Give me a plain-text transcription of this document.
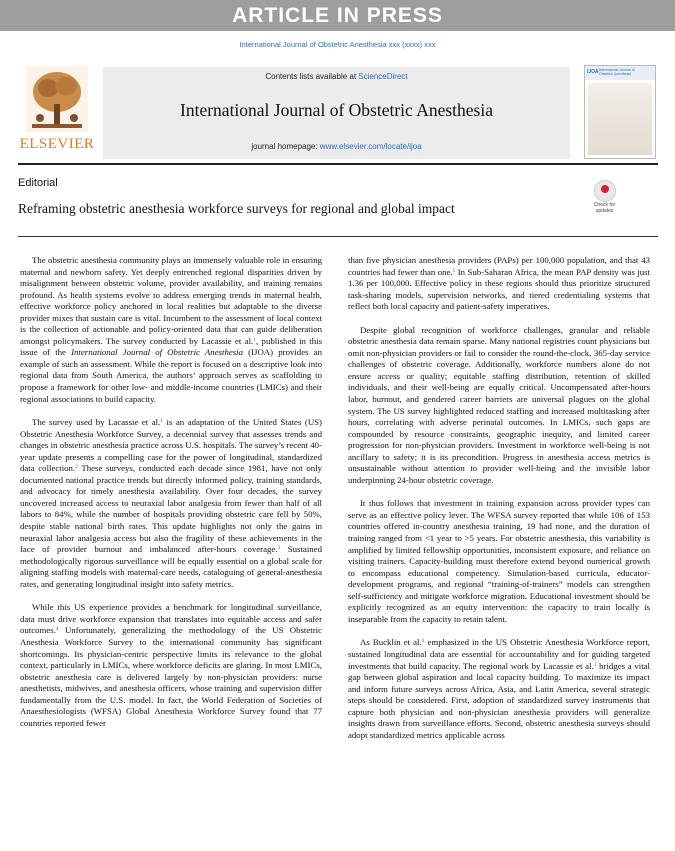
ARTICLE IN PRESS
International Journal of Obstetric Anesthesia xxx (xxxx) xxx
ELSEVIER
Contents lists available at ScienceDirect
International Journal of Obstetric Anesthesia
journal homepage: www.elsevier.com/locate/ijoa
IJOA International Journal of Obstetric Anesthesia
Editorial
Reframing obstetric anesthesia workforce surveys for regional and global impact	Check for updates

The obstetric anesthesia community plays an immensely valuable role in ensuring maternal and newborn safety. Yet deeply entrenched regional disparities driven by misalignment between obstetric volume, provider availability, and training remains profound. As health systems evolve to address emerging trends in maternal health, effective workforce policy anchored in local realities but adaptable to the diverse provider mixes that sustain care is vital. Incumbent to the assessment of local context is the collection of actionable and policy-oriented data that can guide deliberation amongst policymakers. The survey conducted by Lacassie et al.$^1$, published in this issue of the International Journal of Obstetric Anesthesia (IJOA) provides an example of such an assessment. While the report is focused on a descriptive look into regional data from South America, the authors’ approach serves as scaffolding to propose a framework for other low- and middle-income countries (LMICs) and their regional associations to build capacity.

The survey used by Lacassie et al.$^1$ is an adaptation of the United States (US) Obstetric Anesthesia Workforce Survey, a decennial survey that assesses trends and changes in obstetric anesthesia practice across U.S. hospitals. The survey’s recent 40-year update presents a compelling case for the power of longitudinal, standardized data collection.$^2$ These surveys, conducted each decade since 1981, have not only documented national practice trends but directly informed policy, training standards, and advocacy for timely anesthesia availability. Over four decades, the survey uncovered increased access to neuraxial labor analgesia from fewer than half of all labors to 84%, while the number of hospitals providing obstetric care fell by 50%, despite stable national birth rates. This update highlights not only the gains in neuraxial labor analgesia access but also the fragility of these achievements in the face of provider burnout and imbalanced after-hours coverage.$^3$ Sustained methodologically rigorous surveillance will be equally essential on a global scale for aligning staffing models with maternal-care needs, cataloguing of general-anesthesia rates, and generating longitudinal insight into safety metrics.

While this US experience provides a benchmark for longitudinal surveillance, data must drive workforce expansion that translates into equitable access and safer outcomes.$^4$ Unfortunately, generalizing the methodology of the US Obstetric Anesthesia Workforce Survey to the international community has significant shortcomings. Its physician-centric perspective limits its relevance to the global context, particularly in LMICs, where workforce deficits are glaring. In most LMICs, obstetric anesthesia care is delivered largely by non-physician providers: nurse anesthetists, midwives, and anesthesia officers, whose training and supervision differ fundamentally from the U.S. model. In fact, the World Federation of Societies of Anaesthesiologists (WFSA) Global Anesthesia Workforce Survey found that 77 countries reported fewer

than five physician anesthesia providers (PAPs) per 100,000 population, and that 43 countries had fewer than one.$^5$ In Sub-Saharan Africa, the mean PAP density was just 1.36 per 100,000. Effective policy in these regions should thus prioritize structured task-sharing models, supervision networks, and tiered credentialing systems that reflect both local capacity and patient-safety imperatives.

Despite global recognition of workforce challenges, granular and reliable obstetric anesthesia data remain sparse. Many national registries count physicians but omit non-physician providers or fail to consider the round-the-clock, 365-day service challenges of obstetric coverage. Additionally, workforce numbers alone do not ensure access or quality; equitable staffing distribution, retention of skilled individuals, and their well-being are equally critical. Uncompensated after-hours labor, burnout, and gendered career barriers are universal plagues on the global system. The US survey highlighted reduced staffing and increased multitasking after hours, correlating with adverse perinatal outcomes. In LMICs, such gaps are compounded by resource constraints, geographic inequity, and limited career progression for non-physician providers. Investment in workforce well-being is not ancillary to safety; it is its precondition. Progress in anesthesia access metrics is unsustainable without attention to provider well-being and the invisible labor underpinning 24-hour obstetric coverage.

It thus follows that investment in training expansion across provider types can serve as an effective policy lever. The WFSA survey reported that while 106 of 153 countries offered in-country anesthesia training, 19 had none, and the duration of training ranged from <1 year to >5 years. For obstetric anesthesia, this variability is amplified by limited fellowship opportunities, inconsistent exposure, and reliance on visiting trainers. Capacity-building must therefore extend beyond numerical growth to encompass educational competency. Simulation-based curricula, educator-development programs, and regional “training-of-trainers” models can strengthen self-sufficiency and mitigate workforce migration. Educational investment should be explicitly recognized as an equity intervention: the capacity to train locally is inseparable from the capacity to retain talent.

As Bucklin et al.$^2$ emphasized in the US Obstetric Anesthesia Workforce report, sustained longitudinal data are essential for accountability and for guiding targeted investments that build capacity. The regional work by Lacassie et al.$^1$ bridges a vital gap between global aspiration and local capacity building. To maximize its impact and inform future surveys across Africa, Asia, and Latin America, several strategic steps should be considered. First, adoption of standardized survey instruments that capture both physician and non-physician anesthesia providers will generalize insights drawn from surveillance efforts. Second, obstetric anesthesia surveys should adopt standardized metrics applicable across
